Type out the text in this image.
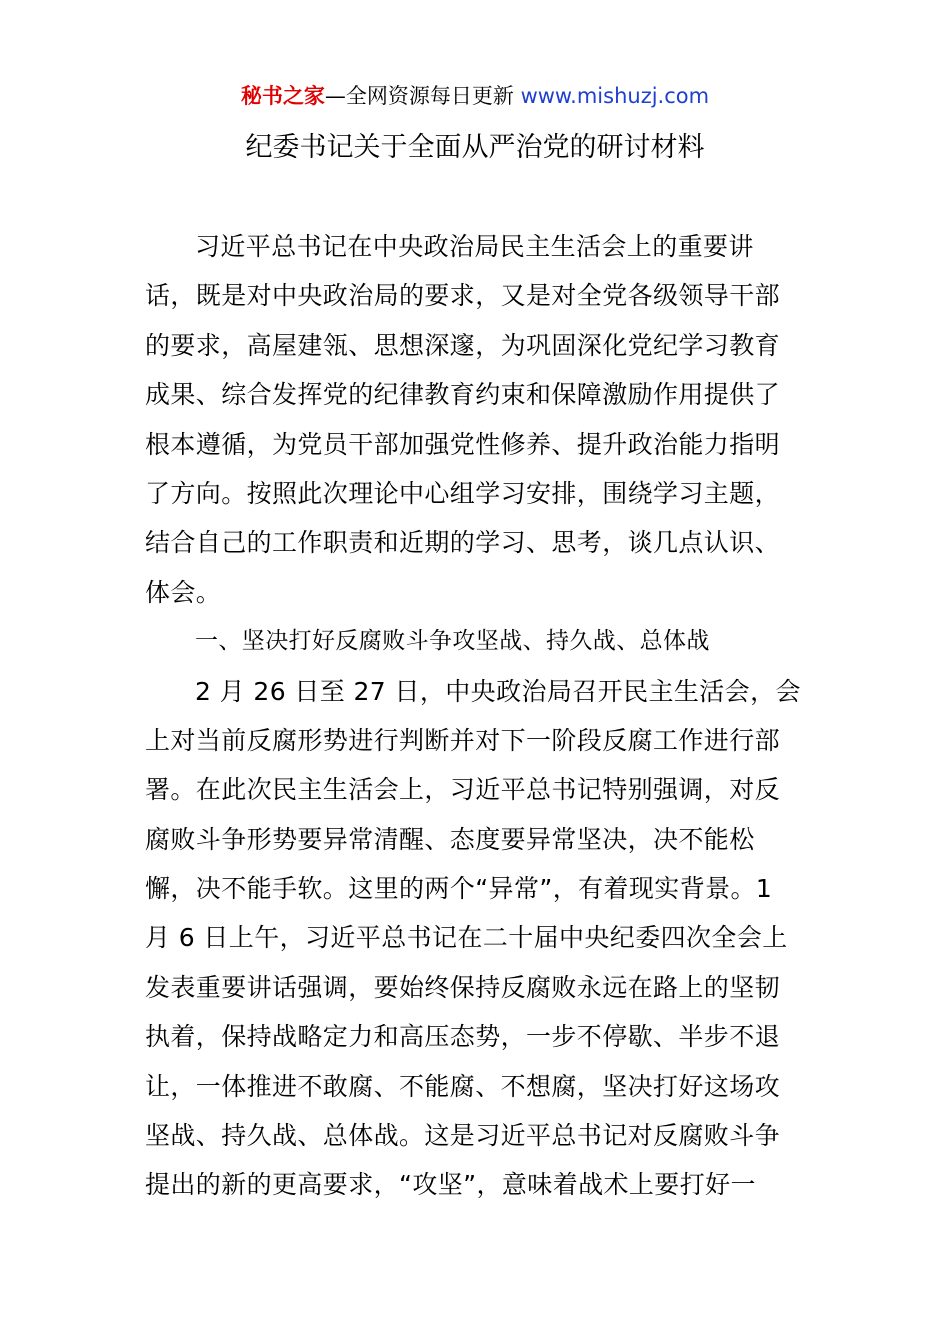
秘书之家—全网资源每日更新 www.mishuzj.com
纪委书记关于全面从严治党的研讨材料
习近平总书记在中央政治局民主生活会上的重要讲
话，既是对中央政治局的要求，又是对全党各级领导干部
的要求，高屋建瓴、思想深邃，为巩固深化党纪学习教育
成果、综合发挥党的纪律教育约束和保障激励作用提供了
根本遵循，为党员干部加强党性修养、提升政治能力指明
了方向。按照此次理论中心组学习安排，围绕学习主题，
结合自己的工作职责和近期的学习、思考，谈几点认识、
体会。
一、坚决打好反腐败斗争攻坚战、持久战、总体战
2 月 26 日至 27 日，中央政治局召开民主生活会，会
上对当前反腐形势进行判断并对下一阶段反腐工作进行部
署。在此次民主生活会上，习近平总书记特别强调，对反
腐败斗争形势要异常清醒、态度要异常坚决，决不能松
懈，决不能手软。这里的两个“异常”，有着现实背景。1
月 6 日上午，习近平总书记在二十届中央纪委四次全会上
发表重要讲话强调，要始终保持反腐败永远在路上的坚韧
执着，保持战略定力和高压态势，一步不停歇、半步不退
让，一体推进不敢腐、不能腐、不想腐，坚决打好这场攻
坚战、持久战、总体战。这是习近平总书记对反腐败斗争
提出的新的更高要求，“攻坚”，意味着战术上要打好一
